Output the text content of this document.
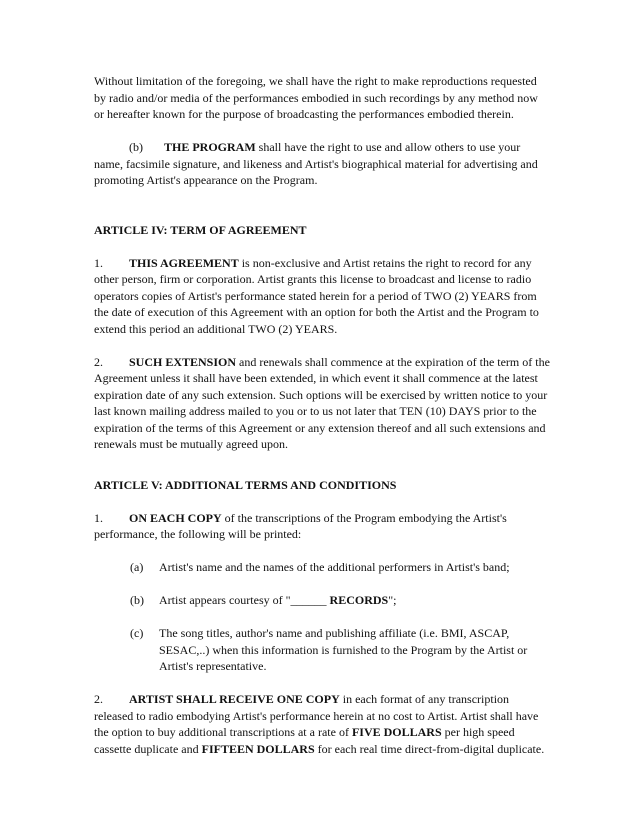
Without limitation of the foregoing, we shall have the right to make reproductions requested by radio and/or media of the performances embodied in such recordings by any method now or hereafter known for the purpose of broadcasting the performances embodied therein.

(b) THE PROGRAM shall have the right to use and allow others to use your name, facsimile signature, and likeness and Artist's biographical material for advertising and promoting Artist's appearance on the Program.

ARTICLE IV: TERM OF AGREEMENT

1. THIS AGREEMENT is non-exclusive and Artist retains the right to record for any other person, firm or corporation. Artist grants this license to broadcast and license to radio operators copies of Artist's performance stated herein for a period of TWO (2) YEARS from the date of execution of this Agreement with an option for both the Artist and the Program to extend this period an additional TWO (2) YEARS.

2. SUCH EXTENSION and renewals shall commence at the expiration of the term of the Agreement unless it shall have been extended, in which event it shall commence at the latest expiration date of any such extension. Such options will be exercised by written notice to your last known mailing address mailed to you or to us not later that TEN (10) DAYS prior to the expiration of the terms of this Agreement or any extension thereof and all such extensions and renewals must be mutually agreed upon.

ARTICLE V: ADDITIONAL TERMS AND CONDITIONS

1. ON EACH COPY of the transcriptions of the Program embodying the Artist's performance, the following will be printed:

(a) Artist's name and the names of the additional performers in Artist's band;
(b) Artist appears courtesy of "______ RECORDS";
(c) The song titles, author's name and publishing affiliate (i.e. BMI, ASCAP, SESAC,..) when this information is furnished to the Program by the Artist or Artist's representative.

2. ARTIST SHALL RECEIVE ONE COPY in each format of any transcription released to radio embodying Artist's performance herein at no cost to Artist. Artist shall have the option to buy additional transcriptions at a rate of FIVE DOLLARS per high speed cassette duplicate and FIFTEEN DOLLARS for each real time direct-from-digital duplicate.
